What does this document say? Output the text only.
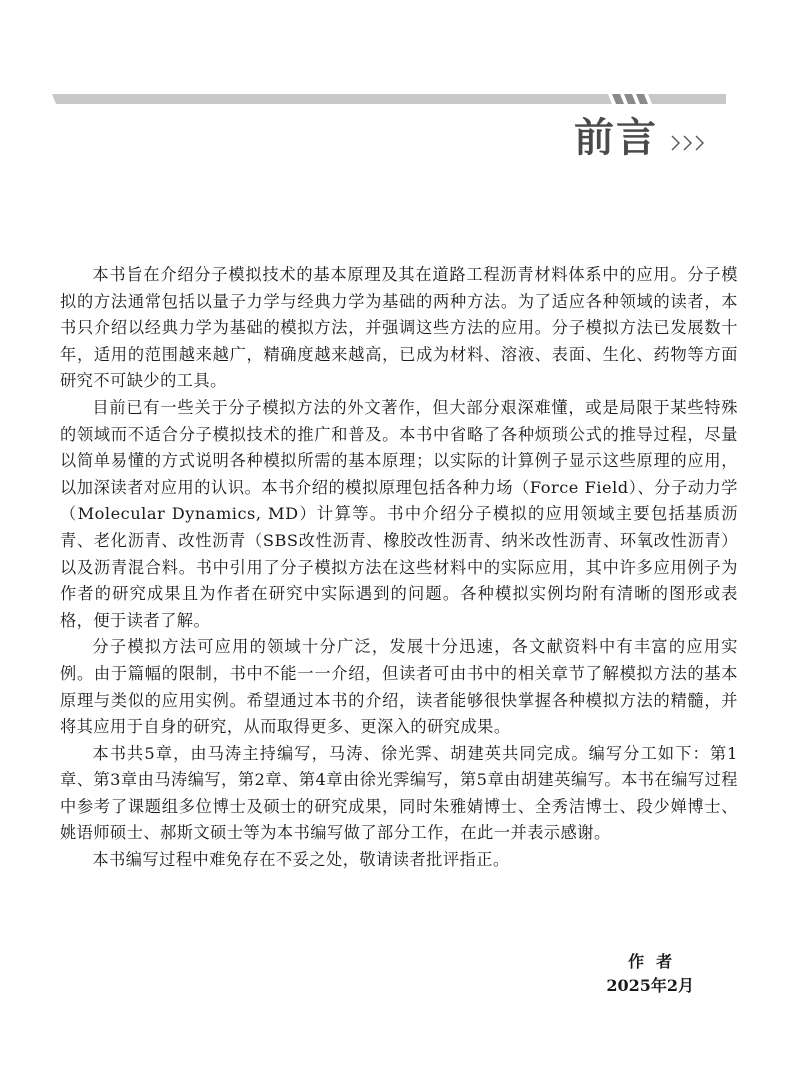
前言

本书旨在介绍分子模拟技术的基本原理及其在道路工程沥青材料体系中的应用。分子模拟的方法通常包括以量子力学与经典力学为基础的两种方法。为了适应各种领域的读者，本书只介绍以经典力学为基础的模拟方法，并强调这些方法的应用。分子模拟方法已发展数十年，适用的范围越来越广，精确度越来越高，已成为材料、溶液、表面、生化、药物等方面研究不可缺少的工具。

目前已有一些关于分子模拟方法的外文著作，但大部分艰深难懂，或是局限于某些特殊的领域而不适合分子模拟技术的推广和普及。本书中省略了各种烦琐公式的推导过程，尽量以简单易懂的方式说明各种模拟所需的基本原理；以实际的计算例子显示这些原理的应用，以加深读者对应用的认识。本书介绍的模拟原理包括各种力场（Force Field）、分子动力学（Molecular Dynamics, MD）计算等。书中介绍分子模拟的应用领域主要包括基质沥青、老化沥青、改性沥青（SBS改性沥青、橡胶改性沥青、纳米改性沥青、环氧改性沥青）以及沥青混合料。书中引用了分子模拟方法在这些材料中的实际应用，其中许多应用例子为作者的研究成果且为作者在研究中实际遇到的问题。各种模拟实例均附有清晰的图形或表格，便于读者了解。

分子模拟方法可应用的领域十分广泛，发展十分迅速，各文献资料中有丰富的应用实例。由于篇幅的限制，书中不能一一介绍，但读者可由书中的相关章节了解模拟方法的基本原理与类似的应用实例。希望通过本书的介绍，读者能够很快掌握各种模拟方法的精髓，并将其应用于自身的研究，从而取得更多、更深入的研究成果。

本书共5章，由马涛主持编写，马涛、徐光霁、胡建英共同完成。编写分工如下：第1章、第3章由马涛编写，第2章、第4章由徐光霁编写，第5章由胡建英编写。本书在编写过程中参考了课题组多位博士及硕士的研究成果，同时朱雅婧博士、全秀洁博士、段少婵博士、姚语师硕士、郝斯文硕士等为本书编写做了部分工作，在此一并表示感谢。

本书编写过程中难免存在不妥之处，敬请读者批评指正。

作者
2025年2月
